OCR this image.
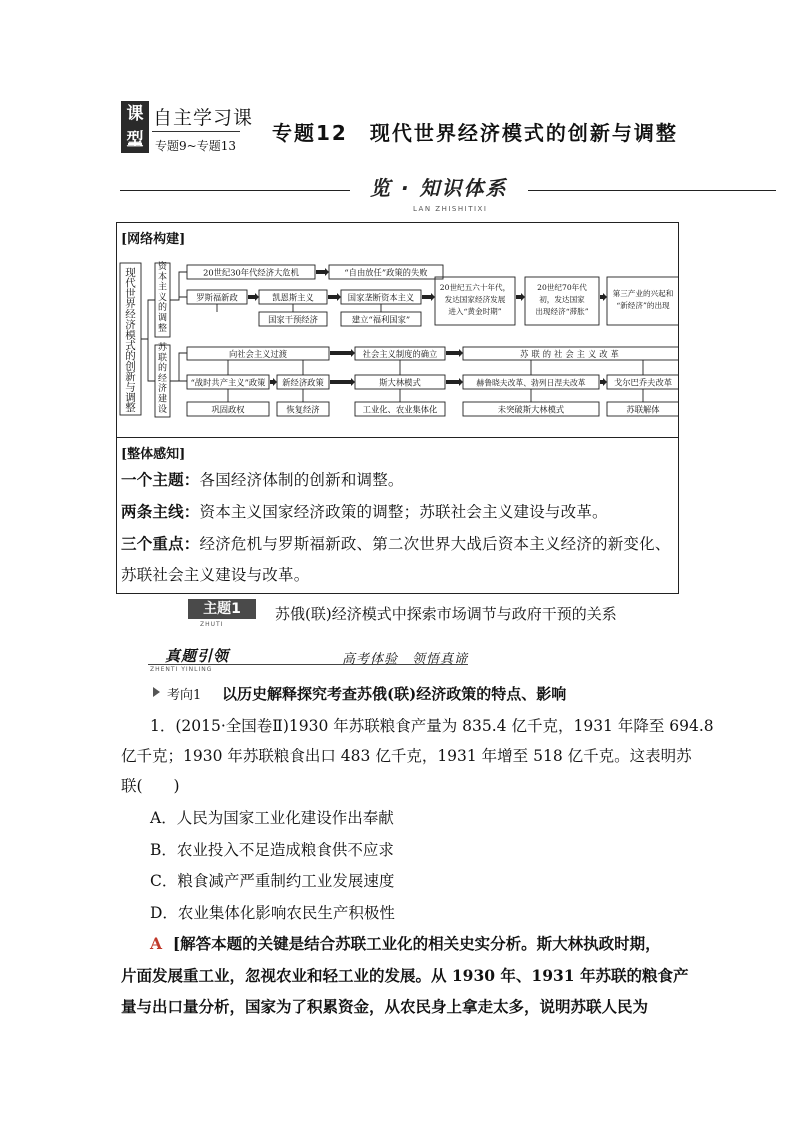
课
型
自主学习课
专题9~专题13
专题12　现代世界经济模式的创新与调整
览 · 知识体系
LAN ZHISHITIXI
[网络构建]
现代世界经济模式的创新与调整
资本主义的调整
苏联的经济建设
20世纪30年代经济大危机	“自由放任”政策的失败
罗斯福新政	凯恩斯主义	国家垄断资本主义
20世纪五六十年代，
发达国家经济发展
进入“黄金时期”
20世纪70年代
初，发达国家
出现经济“滞胀”
第三产业的兴起和
“新经济”的出现
国家干预经济	建立“福利国家”
向社会主义过渡	社会主义制度的确立	苏联的社会主义改革
“战时共产主义”政策 新经济政策	斯大林模式	赫鲁晓夫改革、勃列日涅夫改革	戈尔巴乔夫改革
巩固政权	恢复经济	工业化、农业集体化	未突破斯大林模式	苏联解体
[整体感知]
一个主题：各国经济体制的创新和调整。
两条主线：资本主义国家经济政策的调整；苏联社会主义建设与改革。
三个重点：经济危机与罗斯福新政、第二次世界大战后资本主义经济的新变化、
苏联社会主义建设与改革。
主题1
ZHUTI
苏俄(联)经济模式中探索市场调节与政府干预的关系
真题引领
ZHENTI YINLING
高考体验　领悟真谛
考向1 以历史解释探究考查苏俄(联)经济政策的特点、影响
1．(2015·全国卷Ⅱ)1930 年苏联粮食产量为 835.4 亿千克，1931 年降至 694.8
亿千克；1930 年苏联粮食出口 483 亿千克，1931 年增至 518 亿千克。这表明苏
联(　　)
A．人民为国家工业化建设作出奉献
B．农业投入不足造成粮食供不应求
C．粮食减产严重制约工业发展速度
D．农业集体化影响农民生产积极性
A [解答本题的关键是结合苏联工业化的相关史实分析。斯大林执政时期，
片面发展重工业，忽视农业和轻工业的发展。从 1930 年、1931 年苏联的粮食产
量与出口量分析，国家为了积累资金，从农民身上拿走太多，说明苏联人民为
